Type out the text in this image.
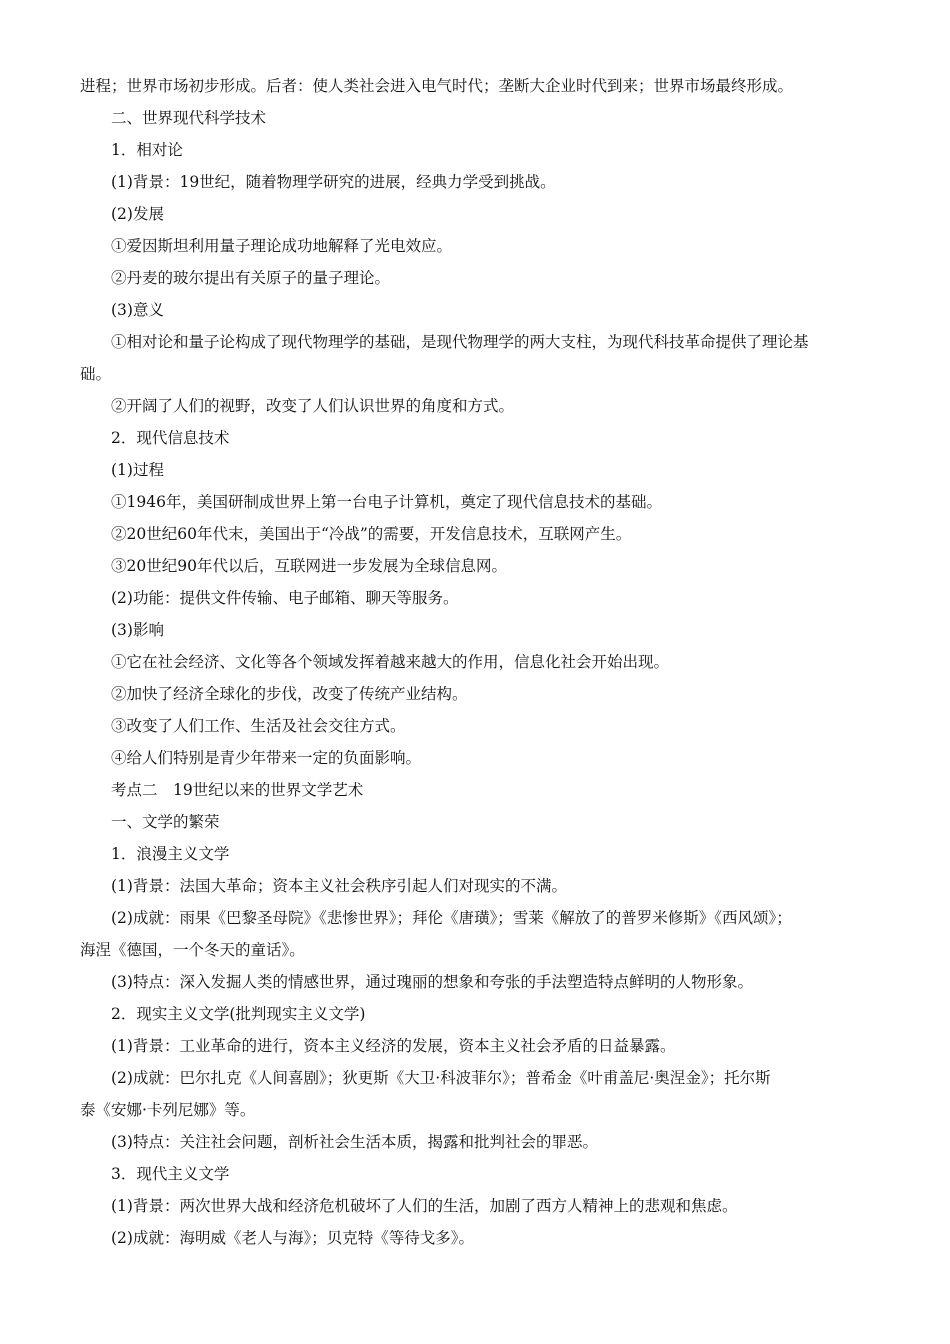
进程；世界市场初步形成。后者：使人类社会进入电气时代；垄断大企业时代到来；世界市场最终形成。

二、世界现代科学技术

1．相对论

(1)背景：19世纪，随着物理学研究的进展，经典力学受到挑战。

(2)发展

①爱因斯坦利用量子理论成功地解释了光电效应。

②丹麦的玻尔提出有关原子的量子理论。

(3)意义

①相对论和量子论构成了现代物理学的基础，是现代物理学的两大支柱，为现代科技革命提供了理论基

础。

②开阔了人们的视野，改变了人们认识世界的角度和方式。

2．现代信息技术

(1)过程

①1946年，美国研制成世界上第一台电子计算机，奠定了现代信息技术的基础。

②20世纪60年代末，美国出于“冷战”的需要，开发信息技术，互联网产生。

③20世纪90年代以后，互联网进一步发展为全球信息网。

(2)功能：提供文件传输、电子邮箱、聊天等服务。

(3)影响

①它在社会经济、文化等各个领域发挥着越来越大的作用，信息化社会开始出现。

②加快了经济全球化的步伐，改变了传统产业结构。

③改变了人们工作、生活及社会交往方式。

④给人们特别是青少年带来一定的负面影响。

考点二　19世纪以来的世界文学艺术

一、文学的繁荣

1．浪漫主义文学

(1)背景：法国大革命；资本主义社会秩序引起人们对现实的不满。

(2)成就：雨果《巴黎圣母院》《悲惨世界》；拜伦《唐璜》；雪莱《解放了的普罗米修斯》《西风颂》；

海涅《德国，一个冬天的童话》。

(3)特点：深入发掘人类的情感世界，通过瑰丽的想象和夸张的手法塑造特点鲜明的人物形象。

2．现实主义文学(批判现实主义文学)

(1)背景：工业革命的进行，资本主义经济的发展，资本主义社会矛盾的日益暴露。

(2)成就：巴尔扎克《人间喜剧》；狄更斯《大卫·科波菲尔》；普希金《叶甫盖尼·奥涅金》；托尔斯

泰《安娜·卡列尼娜》等。

(3)特点：关注社会问题，剖析社会生活本质，揭露和批判社会的罪恶。

3．现代主义文学

(1)背景：两次世界大战和经济危机破坏了人们的生活，加剧了西方人精神上的悲观和焦虑。

(2)成就：海明威《老人与海》；贝克特《等待戈多》。
